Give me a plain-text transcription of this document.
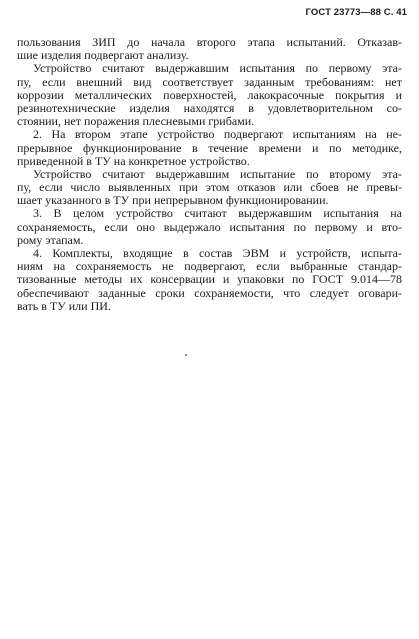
ГОСТ 23773—88 С. 41
пользования ЗИП до начала второго этапа испытаний. Отказав-
шие изделия подвергают анализу.
Устройство считают выдержавшим испытания по первому эта-
пу, если внешний вид соответствует заданным требованиям: нет
коррозии металлических поверхностей, лакокрасочные покрытия и
резинотехнические изделия находятся в удовлетворительном со-
стоянии, нет поражения плесневыми грибами.
2. На втором этапе устройство подвергают испытаниям на не-
прерывное функционирование в течение времени и по методике,
приведенной в ТУ на конкретное устройство.
Устройство считают выдержавшим испытание по второму эта-
пу, если число выявленных при этом отказов или сбоев не превы-
шает указанного в ТУ при непрерывном функционировании.
3. В целом устройство считают выдержавшим испытания на
сохраняемость, если оно выдержало испытания по первому и вто-
рому этапам.
4. Комплекты, входящие в состав ЭВМ и устройств, испыта-
ниям на сохраняемость не подвергают, если выбранные стандар-
тизованные методы их консервации и упаковки по ГОСТ 9.014—78
обеспечивают заданные сроки сохраняемости, что следует оговари-
вать в ТУ или ПИ.
